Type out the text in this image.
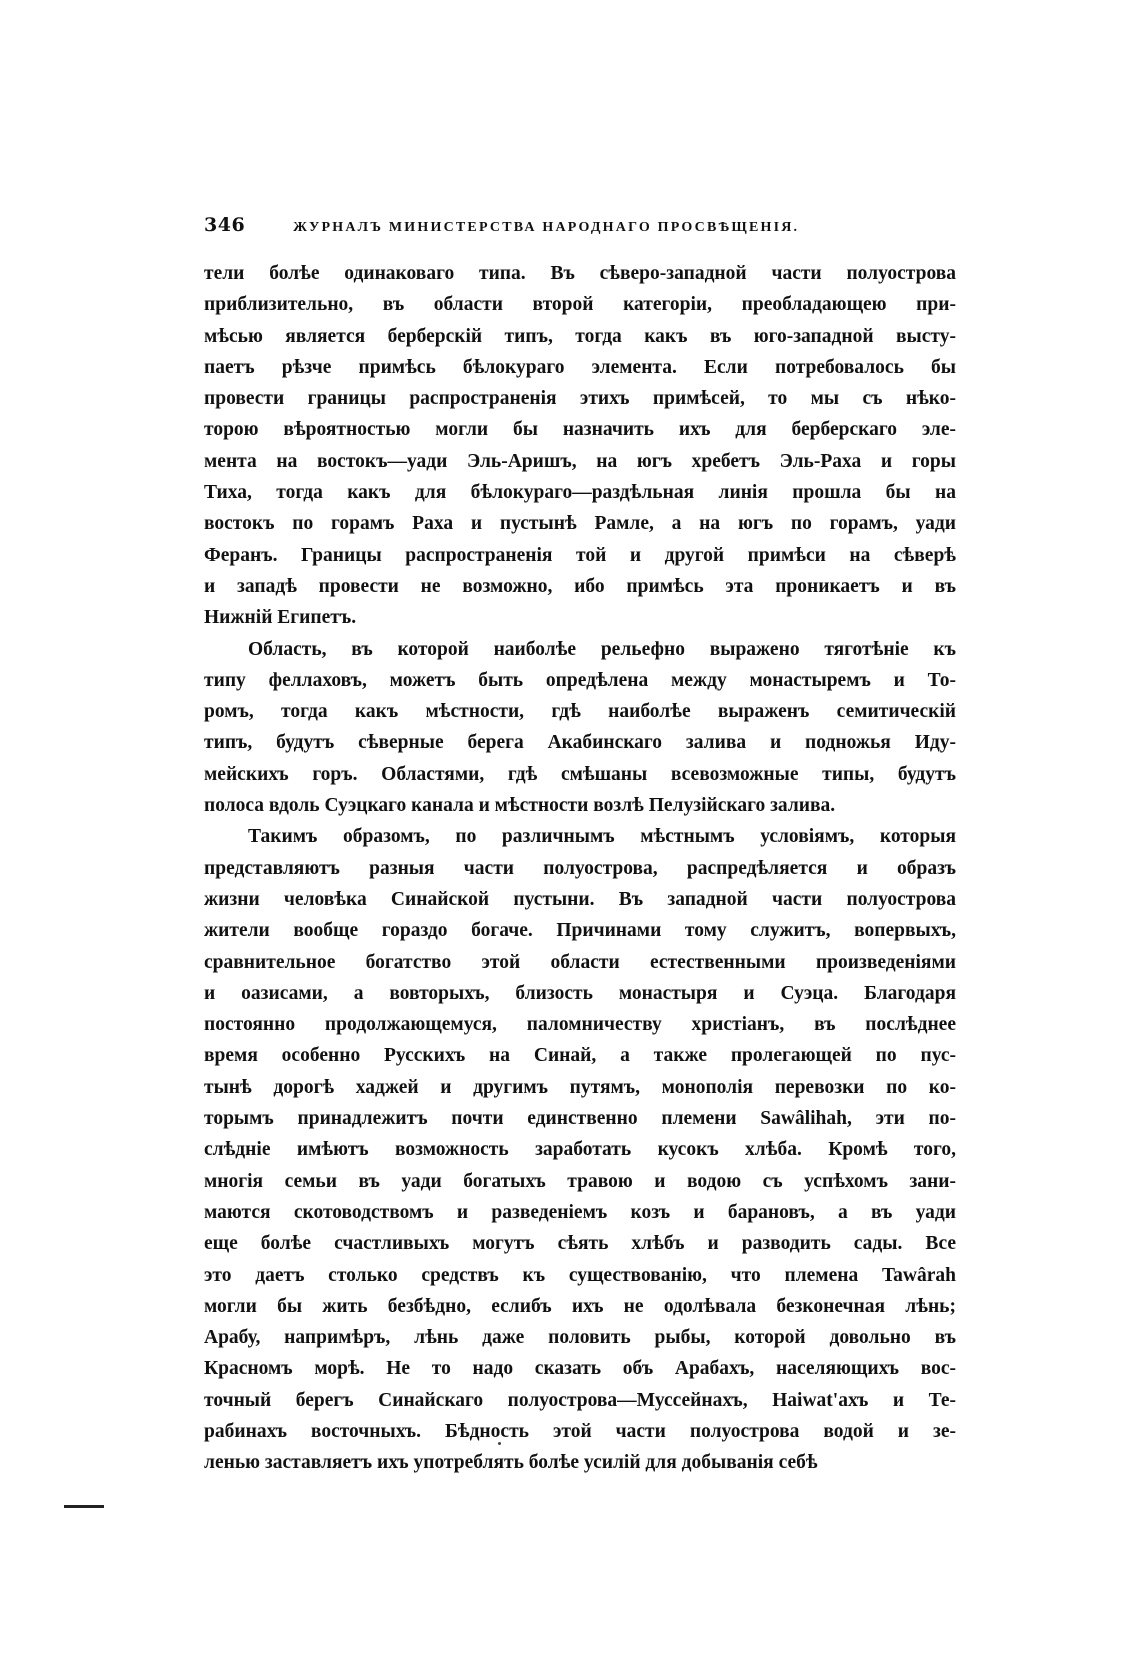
346	ЖУРНАЛЪ МИНИСТЕРСТВА НАРОДНАГО ПРОСВѢЩЕНІЯ.
тели болѣе одинаковаго типа. Въ сѣверо-западной части полуострова
приблизительно, въ области второй категоріи, преобладающею при-
мѣсью является берберскій типъ, тогда какъ въ юго-западной высту-
паетъ рѣзче примѣсь бѣлокураго элемента. Если потребовалось бы
провести границы распространенія этихъ примѣсей, то мы съ нѣко-
торою вѣроятностью могли бы назначить ихъ для берберскаго эле-
мента на востокъ—уади Эль-Аришъ, на югъ хребетъ Эль-Раха и горы
Тиха, тогда какъ для бѣлокураго—раздѣльная линія прошла бы на
востокъ по горамъ Раха и пустынѣ Рамле, а на югъ по горамъ, уади
Феранъ. Границы распространенія той и другой примѣси на сѣверѣ
и западѣ провести не возможно, ибо примѣсь эта проникаетъ и въ
Нижній Египетъ.
Область, въ которой наиболѣе рельефно выражено тяготѣніе къ
типу феллаховъ, можетъ быть опредѣлена между монастыремъ и То-
ромъ, тогда какъ мѣстности, гдѣ наиболѣе выраженъ семитическій
типъ, будутъ сѣверные берега Акабинскаго залива и подножья Иду-
мейскихъ горъ. Областями, гдѣ смѣшаны всевозможные типы, будутъ
полоса вдоль Суэцкаго канала и мѣстности возлѣ Пелузійскаго залива.
Такимъ образомъ, по различнымъ мѣстнымъ условіямъ, которыя
представляютъ разныя части полуострова, распредѣляется и образъ
жизни человѣка Синайской пустыни. Въ западной части полуострова
жители вообще гораздо богаче. Причинами тому служитъ, вопервыхъ,
сравнительное богатство этой области естественными произведеніями
и оазисами, а вовторыхъ, близость монастыря и Суэца. Благодаря
постоянно продолжающемуся, паломничеству христіанъ, въ послѣднее
время особенно Русскихъ на Синай, а также пролегающей по пус-
тынѣ дорогѣ хаджей и другимъ путямъ, монополія перевозки по ко-
торымъ принадлежитъ почти единственно племени Sawâlihah, эти по-
слѣдніе имѣютъ возможность заработать кусокъ хлѣба. Кромѣ того,
многія семьи въ уади богатыхъ травою и водою съ успѣхомъ зани-
маются скотоводствомъ и разведеніемъ козъ и барановъ, а въ уади
еще болѣе счастливыхъ могутъ сѣять хлѣбъ и разводить сады. Все
это даетъ столько средствъ къ существованію, что племена Tawârah
могли бы жить безбѣдно, еслибъ ихъ не одолѣвала безконечная лѣнь;
Арабу, напримѣръ, лѣнь даже половить рыбы, которой довольно въ
Красномъ морѣ. Не то надо сказать объ Арабахъ, населяющихъ вос-
точный берегъ Синайскаго полуострова—Муссейнахъ, Haiwat'ахъ и Те-
рабинахъ восточныхъ. Бѣдность этой части полуострова водой и зе-
ленью заставляетъ ихъ употреблять болѣе усилій для добыванія себѣ
